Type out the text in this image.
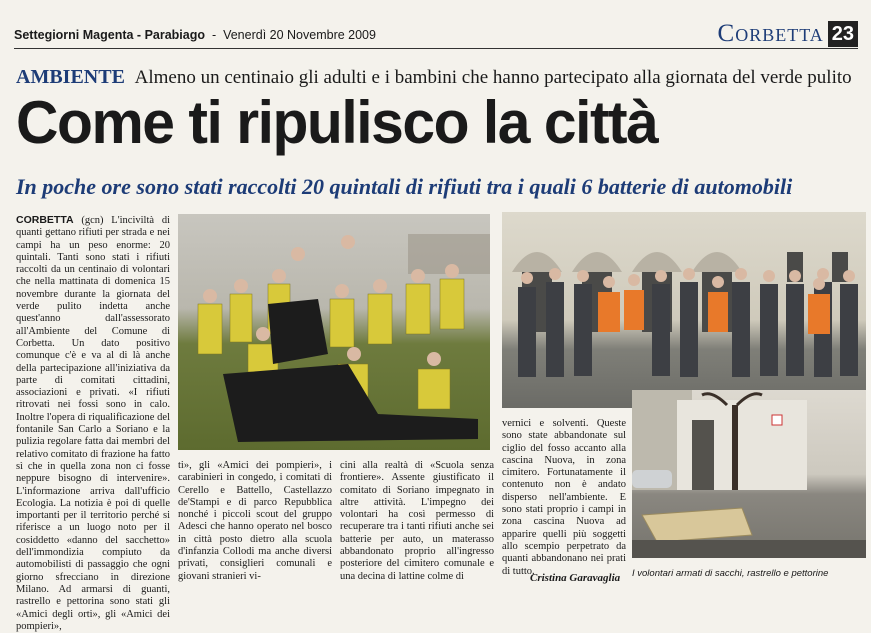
Settegiorni Magenta - Parabiago  -  Venerdì 20 Novembre 2009	Corbetta 23
AMBIENTE Almeno un centinaio gli adulti e i bambini che hanno partecipato alla giornata del verde pulito
Come ti ripulisco la città
In poche ore sono stati raccolti 20 quintali di rifiuti tra i quali 6 batterie di automobili
CORBETTA (gcn) L'inciviltà di quanti gettano rifiuti per strada e nei campi ha un peso enorme: 20 quintali. Tanti sono stati i rifiuti raccolti da un centinaio di volontari che nella mattinata di domenica 15 novembre durante la giornata del verde pulito indetta anche quest'anno dall'assessorato all'Ambiente del Comune di Corbetta. Un dato positivo comunque c'è e va al di là anche della partecipazione all'iniziativa da parte di comitati cittadini, associazioni e privati. «I rifiuti ritrovati nei fossi sono in calo. Inoltre l'opera di riqualificazione del fontanile San Carlo a Soriano e la pulizia regolare fatta dai membri del relativo comitato di frazione ha fatto sì che in quella zona non ci fosse neppure bisogno di intervenire». L'informazione arriva dall'ufficio Ecologia. La notizia è poi di quelle importanti per il territorio perché si riferisce a un luogo noto per il cosiddetto «danno del sacchetto» dell'immondizia compiuto da automobilisti di passaggio che ogni giorno sfrecciano in direzione Milano. Ad armarsi di guanti, rastrello e pettorina sono stati gli «Amici degli orti», gli «Amici dei pompieri»,
ti», gli «Amici dei pompieri», i carabinieri in congedo, i comitati di Cerello e Battello, Castellazzo de'Stampi e di parco Repubblica nonché i piccoli scout del gruppo Adesci che hanno operato nel bosco in città posto dietro alla scuola d'infanzia Collodi ma anche diversi privati, consiglieri comunali e giovani stranieri vi-
cini alla realtà di «Scuola senza frontiere». Assente giustificato il comitato di Soriano impegnato in altre attività. L'impegno dei volontari ha così permesso di recuperare tra i tanti rifiuti anche sei batterie per auto, un materasso abbandonato proprio all'ingresso posteriore del cimitero comunale e una decina di lattine colme di
vernici e solventi. Queste sono state abbandonate sul ciglio del fosso accanto alla cascina Nuova, in zona cimitero. Fortunatamente il contenuto non è andato disperso nell'ambiente. E sono stati proprio i campi in zona cascina Nuova ad apparire quelli più soggetti allo scempio perpetrato da quanti abbandonano nei prati di tutto.
Cristina Garavaglia I volontari armati di sacchi, rastrello e pettorine
